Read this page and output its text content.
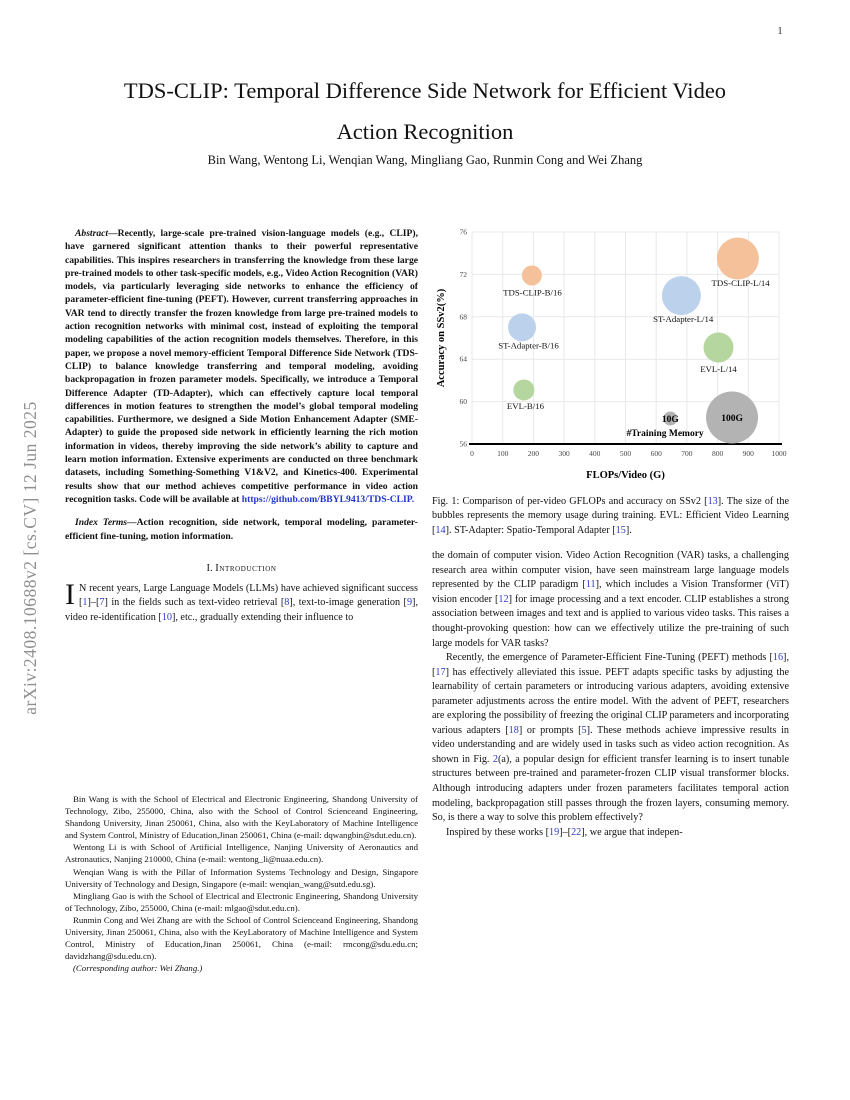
1
arXiv:2408.10688v2 [cs.CV] 12 Jun 2025
TDS-CLIP: Temporal Difference Side Network for Efficient Video
Action Recognition
Bin Wang, Wentong Li, Wenqian Wang, Mingliang Gao, Runmin Cong and Wei Zhang

Abstract—Recently, large-scale pre-trained vision-language models (e.g., CLIP), have garnered significant attention thanks to their powerful representative capabilities. This inspires researchers in transferring the knowledge from these large pre-trained models to other task-specific models, e.g., Video Action Recognition (VAR) models, via particularly leveraging side networks to enhance the efficiency of parameter-efficient fine-tuning (PEFT). However, current transferring approaches in VAR tend to directly transfer the frozen knowledge from large pre-trained models to action recognition networks with minimal cost, instead of exploiting the temporal modeling capabilities of the action recognition models themselves. Therefore, in this paper, we propose a novel memory-efficient Temporal Difference Side Network (TDS-CLIP) to balance knowledge transferring and temporal modeling, avoiding backpropagation in frozen parameter models. Specifically, we introduce a Temporal Difference Adapter (TD-Adapter), which can effectively capture local temporal differences in motion features to strengthen the model’s global temporal modeling capabilities. Furthermore, we designed a Side Motion Enhancement Adapter (SME-Adapter) to guide the proposed side network in efficiently learning the rich motion information in videos, thereby improving the side network’s ability to capture and learn motion information. Extensive experiments are conducted on three benchmark datasets, including Something-Something V1&V2, and Kinetics-400. Experimental results show that our method achieves competitive performance in video action recognition tasks. Code will be available at https://github.com/BBYL9413/TDS-CLIP.

Index Terms—Action recognition, side network, temporal modeling, parameter-efficient fine-tuning, motion information.

I. Introduction

I N recent years, Large Language Models (LLMs) have achieved significant success [1]–[7] in the fields such as text-video retrieval [8], text-to-image generation [9], video re-identification [10], etc., gradually extending their influence to

Bin Wang is with the School of Electrical and Electronic Engineering, Shandong University of Technology, Zibo, 255000, China, also with the School of Control Scienceand Engineering, Shandong University, Jinan 250061, China, also with the KeyLaboratory of Machine Intelligence and System Control, Ministry of Education,Jinan 250061, China (e-mail: dqwangbin@sdut.edu.cn).

Wentong Li is with School of Artificial Intelligence, Nanjing University of Aeronautics and Astronautics, Nanjing 210000, China (e-mail: wentong_li@nuaa.edu.cn).

Wenqian Wang is with the Pillar of Information Systems Technology and Design, Singapore University of Technology and Design, Singapore (e-mail: wenqian_wang@sutd.edu.sg).

Mingliang Gao is with the School of Electrical and Electronic Engineering, Shandong University of Technology, Zibo, 255000, China (e-mail: mlgao@sdut.edu.cn).

Runmin Cong and Wei Zhang are with the School of Control Scienceand Engineering, Shandong University, Jinan 250061, China, also with the KeyLaboratory of Machine Intelligence and System Control, Ministry of Education,Jinan 250061, China (e-mail: rmcong@sdu.edu.cn; davidzhang@sdu.edu.cn).

(Corresponding author: Wei Zhang.)

0	100	200	300	400	500	600	700	800	900 1000
56
60
64
68
72
76
TDS-CLIP-B/16
ST-Adapter-B/16
EVL-B/16
ST-Adapter-L/14
TDS-CLIP-L/14
EVL-L/14
10G	100G
#Training Memory
FLOPs/Video (G)
Accuracy on SSv2(%)
Fig. 1: Comparison of per-video GFLOPs and accuracy on SSv2 [13]. The size of the bubbles represents the memory usage during training. EVL: Efficient Video Learning [14]. ST-Adapter: Spatio-Temporal Adapter [15].

the domain of computer vision. Video Action Recognition (VAR) tasks, a challenging research area within computer vision, have seen mainstream large language models represented by the CLIP paradigm [11], which includes a Vision Transformer (ViT) vision encoder [12] for image processing and a text encoder. CLIP establishes a strong association between images and text and is applied to various video tasks. This raises a thought-provoking question: how can we effectively utilize the pre-training of such large models for VAR tasks?

Recently, the emergence of Parameter-Efficient Fine-Tuning (PEFT) methods [16], [17] has effectively alleviated this issue. PEFT adapts specific tasks by adjusting the learnability of certain parameters or introducing various adapters, avoiding extensive parameter adjustments across the entire model. With the advent of PEFT, researchers are exploring the possibility of freezing the original CLIP parameters and incorporating various adapters [18] or prompts [5]. These methods achieve impressive results in video understanding and are widely used in tasks such as video action recognition. As shown in Fig. 2(a), a popular design for efficient transfer learning is to insert tunable structures between pre-trained and parameter-frozen CLIP visual transformer blocks. Although introducing adapters under frozen parameters facilitates temporal action modeling, backpropagation still passes through the frozen layers, consuming memory. So, is there a way to solve this problem effectively?

Inspired by these works [19]–[22], we argue that indepen-
